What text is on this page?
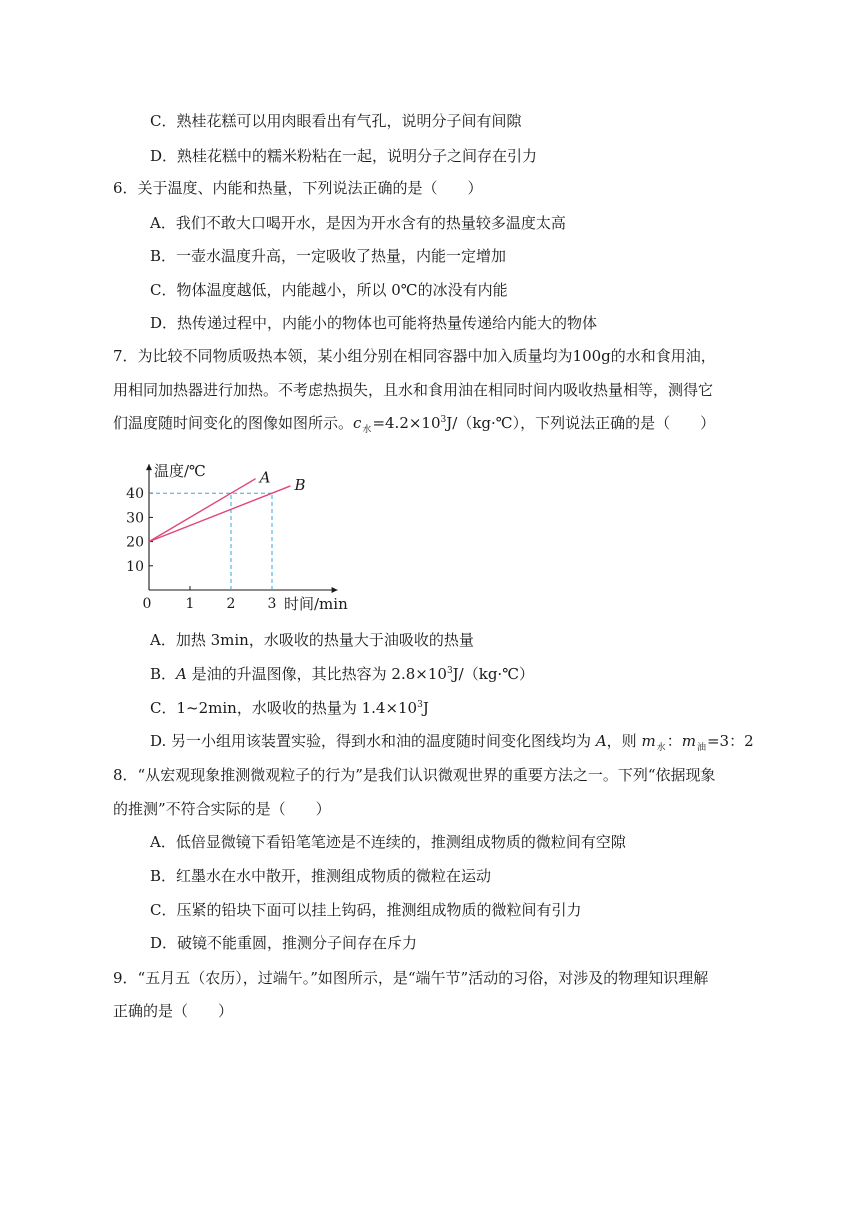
C．熟桂花糕可以用肉眼看出有气孔，说明分子间有间隙
D．熟桂花糕中的糯米粉粘在一起，说明分子之间存在引力
6．关于温度、内能和热量，下列说法正确的是（　　）
A．我们不敢大口喝开水，是因为开水含有的热量较多温度太高
B．一壶水温度升高，一定吸收了热量，内能一定增加
C．物体温度越低，内能越小，所以 0℃的冰没有内能
D．热传递过程中，内能小的物体也可能将热量传递给内能大的物体
7．为比较不同物质吸热本领，某小组分别在相同容器中加入质量均为100g的水和食用油，
用相同加热器进行加热。不考虑热损失，且水和食用油在相同时间内吸收热量相等，测得它
们温度随时间变化的图像如图所示。$c_水=4.2\times 10^3J/(kg\cdot℃)$，下列说法正确的是（　　）
10
20
30
40
0 1 2 3
温度/℃
时间/min
A B
A．加热 3min，水吸收的热量大于油吸收的热量
B．A 是油的升温图像，其比热容为 $2.8\times 10^3J/(kg\cdot℃)$
C．1~2min，水吸收的热量为 $1.4\times 10^3J$
D. 另一小组用该装置实验，得到水和油的温度随时间变化图线均为 A，则 $m_水$：$m_油=3$：2
8．“从宏观现象推测微观粒子的行为”是我们认识微观世界的重要方法之一。下列“依据现象
的推测”不符合实际的是（　　）
A．低倍显微镜下看铅笔笔迹是不连续的，推测组成物质的微粒间有空隙
B．红墨水在水中散开，推测组成物质的微粒在运动
C．压紧的铅块下面可以挂上钩码，推测组成物质的微粒间有引力
D．破镜不能重圆，推测分子间存在斥力
9．“五月五（农历），过端午。”如图所示，是“端午节”活动的习俗，对涉及的物理知识理解
正确的是（　　）
